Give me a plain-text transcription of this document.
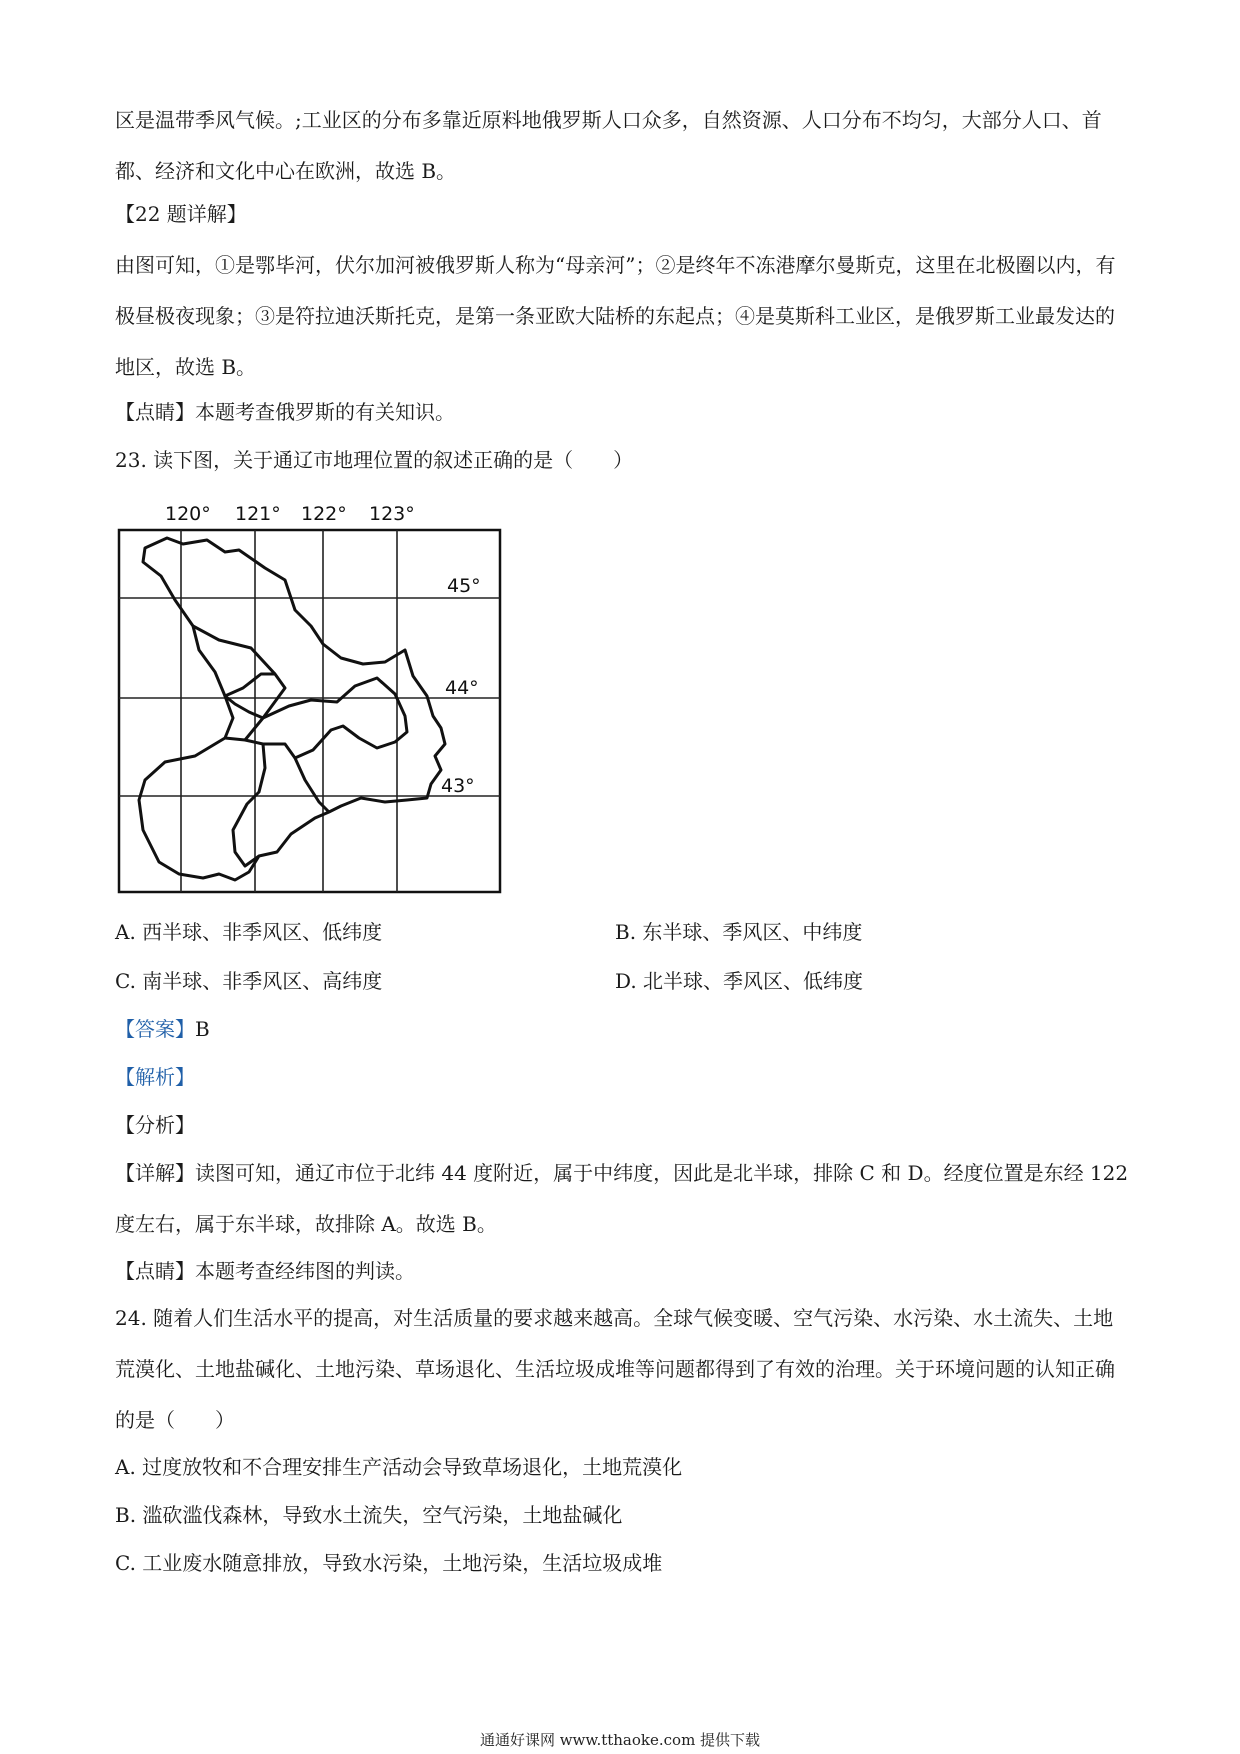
区是温带季风气候。;工业区的分布多靠近原料地俄罗斯人口众多，自然资源、人口分布不均匀，大部分人口、首都、经济和文化中心在欧洲，故选 B。

【22 题详解】

由图可知，①是鄂毕河，伏尔加河被俄罗斯人称为“母亲河”；②是终年不冻港摩尔曼斯克，这里在北极圈以内，有极昼极夜现象；③是符拉迪沃斯托克，是第一条亚欧大陆桥的东起点；④是莫斯科工业区，是俄罗斯工业最发达的地区，故选 B。

【点睛】本题考查俄罗斯的有关知识。

23. 读下图，关于通辽市地理位置的叙述正确的是（　　）

120° 121° 122° 123°
45°
44°
43°
A. 西半球、非季风区、低纬度	B. 东半球、季风区、中纬度
C. 南半球、非季风区、高纬度	D. 北半球、季风区、低纬度

【答案】B

【解析】

【分析】

【详解】读图可知，通辽市位于北纬 44 度附近，属于中纬度，因此是北半球，排除 C 和 D。经度位置是东经 122 度左右，属于东半球，故排除 A。故选 B。

【点睛】本题考查经纬图的判读。

24. 随着人们生活水平的提高，对生活质量的要求越来越高。全球气候变暖、空气污染、水污染、水土流失、土地荒漠化、土地盐碱化、土地污染、草场退化、生活垃圾成堆等问题都得到了有效的治理。关于环境问题的认知正确的是（　　）

A. 过度放牧和不合理安排生产活动会导致草场退化，土地荒漠化

B. 滥砍滥伐森林，导致水土流失，空气污染，土地盐碱化

C. 工业废水随意排放，导致水污染，土地污染，生活垃圾成堆

通通好课网 www.tthaoke.com 提供下载
